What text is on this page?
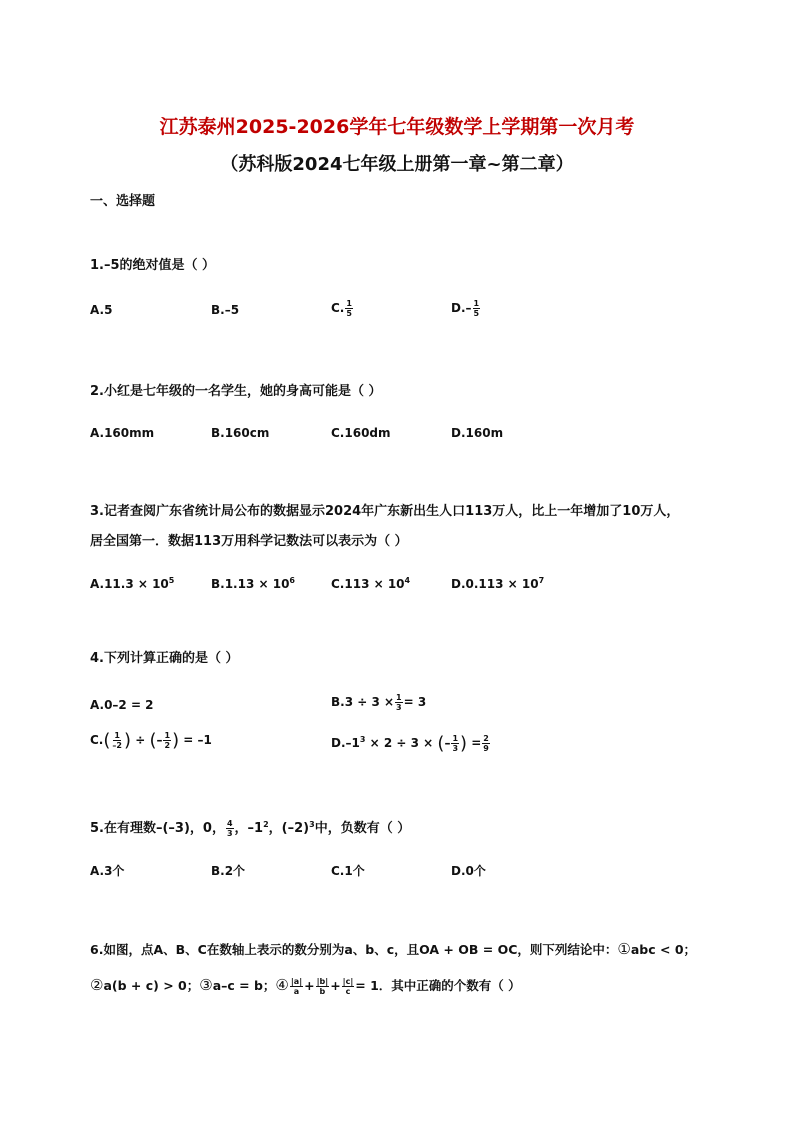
江苏泰州2025-2026学年七年级数学上学期第一次月考
（苏科版2024七年级上册第一章~第二章）
一、选择题
1.–5的绝对值是（ ）
A.5	B.–5	C. $\frac{1}{5}$	$D.- \frac{1}{5}$
2.小红是七年级的一名学生，她的身高可能是（ ）
A.160mm	B.160cm	C.160dm	D.160m
3.记者查阅广东省统计局公布的数据显示2024年广东新出生人口113万人，比上一年增加了10万人，
居全国第一．数据113万用科学记数法可以表示为（ ）
$A.11.3 \times 10^5$	$B.1.13 \times 10^6$	$C.113 \times 10^4$	$D.0.113 \times 10^7$
4.下列计算正确的是（ ）
A.0–2 = 2	$B.3 \div 3 \times \frac{1}{3} = 3$
$C.( \frac{1}{-2}$ ) ÷ (– $\frac{1}{2}$ ) = –1	$D.-1^3 \times 2 \div 3$ × (– $\frac{1}{3}$ ) = $\frac{2}{9}$
5.在有理数–(–3)，0， $\frac{4}{3}$ ，$-1^2$，$(-2)^3$中，负数有（ ）
A.3个	B.2个	C.1个	D.0个
6.如图，点A、B、C在数轴上表示的数分别为a、b、c，且OA + OB = OC，则下列结论中：①abc < 0；
②a(b + c) > 0；③a–c = b；④ $\frac{|a|}{a} + \frac{|b|}{b} + \frac{|c|}{c} = 1$．其中正确的个数有（ ）
